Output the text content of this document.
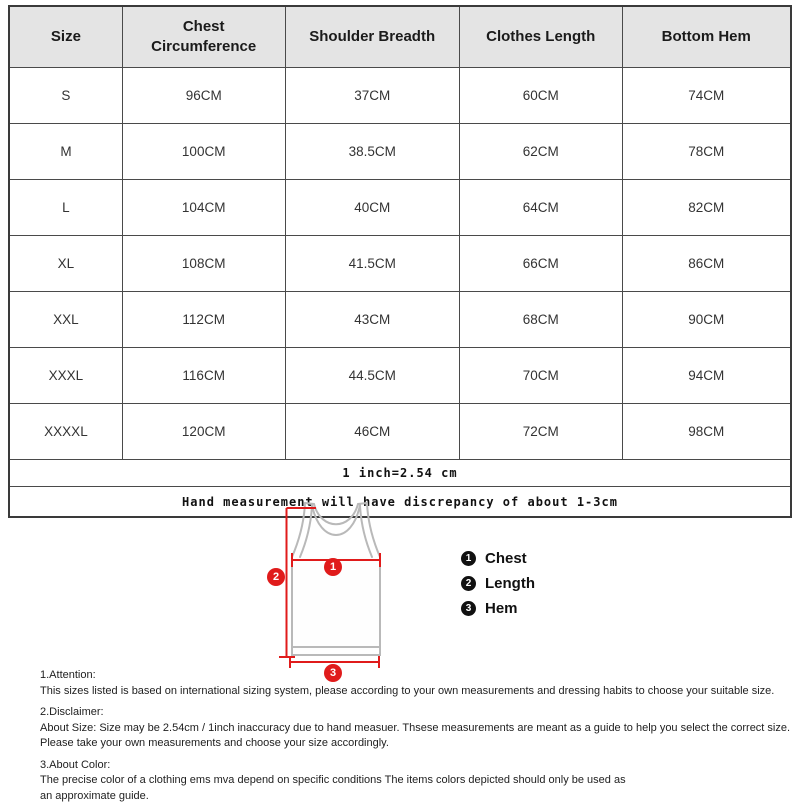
Size	Chest Circumference	Shoulder Breadth	Clothes Length	Bottom Hem
S	96CM	37CM	60CM	74CM
M	100CM	38.5CM	62CM	78CM
L	104CM	40CM	64CM	82CM
XL	108CM	41.5CM	66CM	86CM
XXL	112CM	43CM	68CM	90CM
XXXL	116CM	44.5CM	70CM	94CM
XXXXL	120CM	46CM	72CM	98CM
1 inch=2.54 cm				
Hand measurement will have discrepancy of about 1-3cm				
1
2
3
1 Chest
2 Length
3 Hem

1.Attention:
This sizes listed is based on international sizing system, please according to your own measurements and dressing habits to choose your suitable size.

2.Disclaimer:
About Size: Size may be 2.54cm / 1inch inaccuracy due to hand measuer. Thsese measurements are meant as a guide to help you select the correct size.
Please take your own measurements and choose your size accordingly.

3.About Color:
The precise color of a clothing ems mva depend on specific conditions The items colors depicted should only be used as
an approximate guide.
